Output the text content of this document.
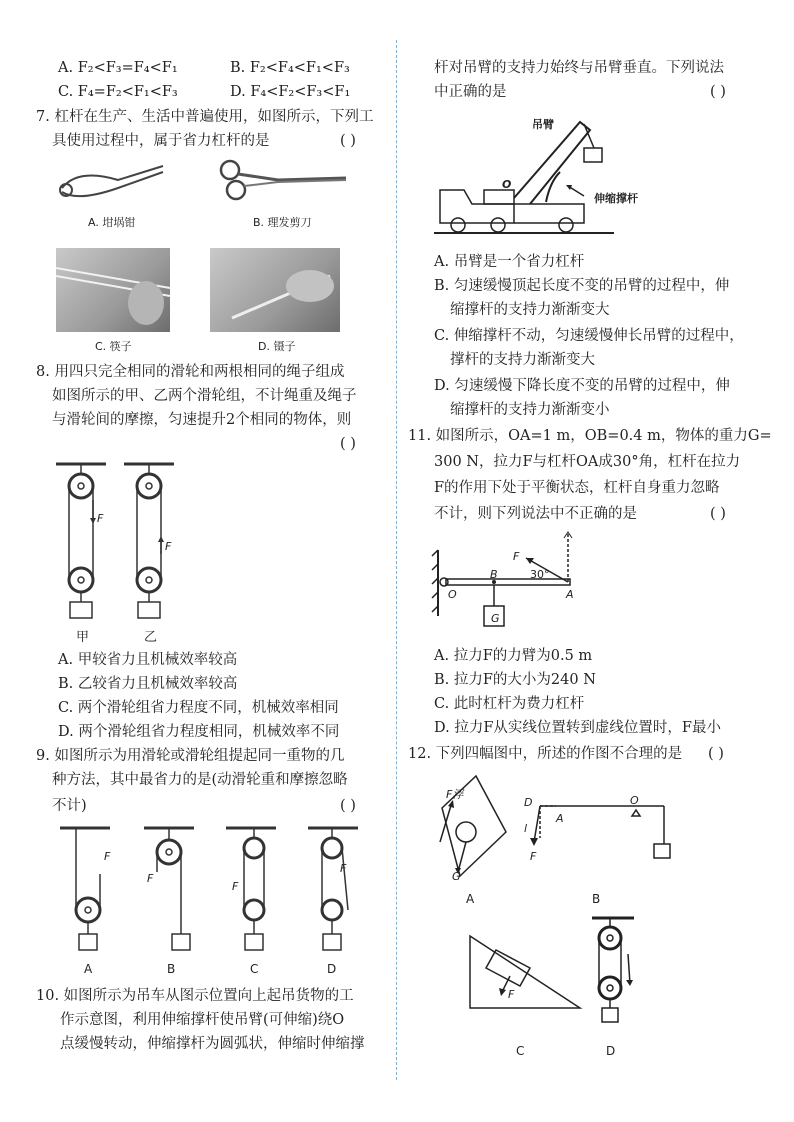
A. F₂<F₃=F₄<F₁	B. F₂<F₄<F₁<F₃
C. F₄=F₂<F₁<F₃	D. F₄<F₂<F₃<F₁
7. 杠杆在生产、生活中普遍使用，如图所示，下列工
具使用过程中，属于省力杠杆的是	( )
A. 坩埚钳	B. 理发剪刀
C. 筷子	D. 镊子
8. 用四只完全相同的滑轮和两根相同的绳子组成
如图所示的甲、乙两个滑轮组，不计绳重及绳子
与滑轮间的摩擦，匀速提升2个相同的物体，则
( )
F
F
甲	乙
A. 甲较省力且机械效率较高
B. 乙较省力且机械效率较高
C. 两个滑轮组省力程度不同，机械效率相同
D. 两个滑轮组省力程度相同，机械效率不同
9. 如图所示为用滑轮或滑轮组提起同一重物的几
种方法，其中最省力的是(动滑轮重和摩擦忽略
不计)	( )
F
F
F
F
A	B	C	D
10. 如图所示为吊车从图示位置向上起吊货物的工
作示意图，利用伸缩撑杆使吊臂(可伸缩)绕O
点缓慢转动，伸缩撑杆为圆弧状，伸缩时伸缩撑
杆对吊臂的支持力始终与吊臂垂直。下列说法
中正确的是	( )
吊臂
伸缩撑杆
O
A. 吊臂是一个省力杠杆
B. 匀速缓慢顶起长度不变的吊臂的过程中，伸
缩撑杆的支持力渐渐变大
C. 伸缩撑杆不动，匀速缓慢伸长吊臂的过程中，
撑杆的支持力渐渐变大
D. 匀速缓慢下降长度不变的吊臂的过程中，伸
缩撑杆的支持力渐渐变小
11. 如图所示，OA=1 m，OB=0.4 m，物体的重力G=
300 N，拉力F与杠杆OA成30°角，杠杆在拉力
F的作用下处于平衡状态，杠杆自身重力忽略
不计，则下列说法中不正确的是	( )
F
B	30°
O	A
G
A. 拉力F的力臂为0.5 m
B. 拉力F的大小为240 N
C. 此时杠杆为费力杠杆
D. 拉力F从实线位置转到虚线位置时，F最小
12. 下列四幅图中，所述的作图不合理的是 ( )
F浮
G
D
A
O
l
F
A	B
F
C	D
